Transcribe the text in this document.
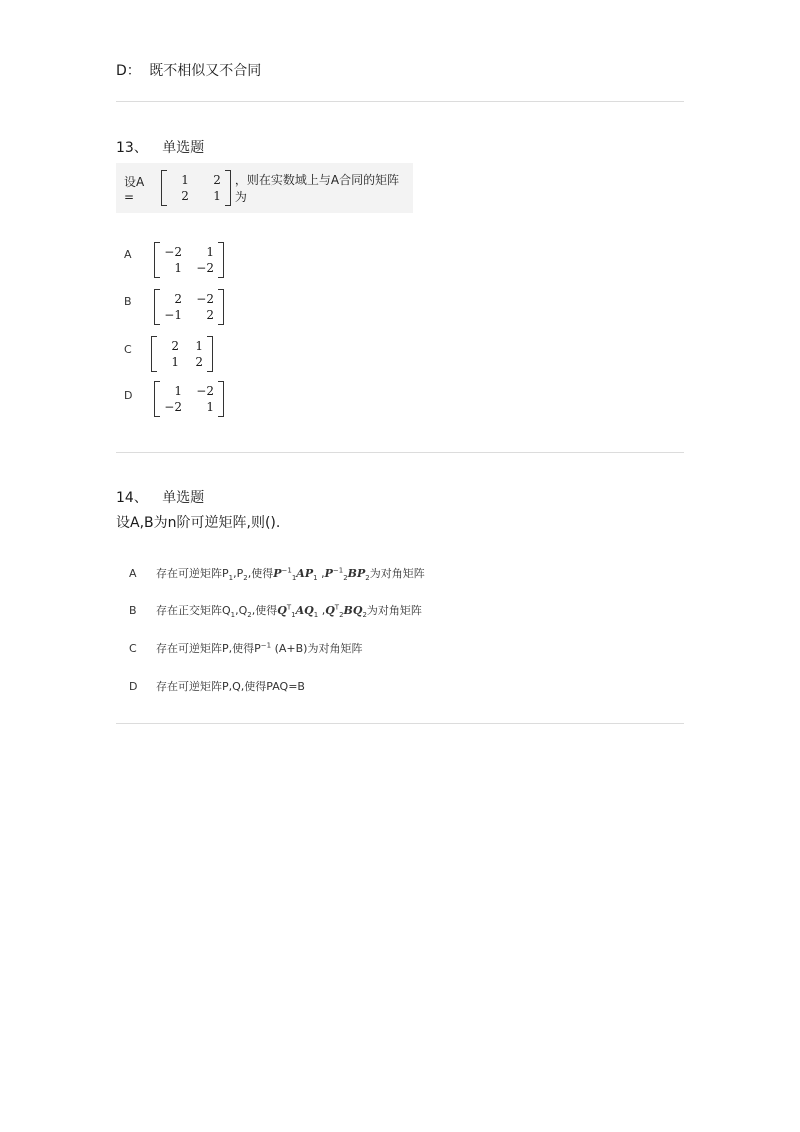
D： 既不相似又不合同
13、 单选题
设A =
1	2
2	1
，则在实数域上与A合同的矩阵为
A	−2	1
1 −2
B	2 −2
−1	2
C	2	1
1	2
D	1 −2
−2	1
14、 单选题
设A,B为n阶可逆矩阵,则().
A 存在可逆矩阵$P_1,P_2$,使得$P^{-1}_1AP_1$ $,P^{-1}_2BP_2$为对角矩阵
B 存在正交矩阵$Q_1,Q_2$,使得$Q^T_1AQ_1$ $,Q^T_2BQ_2$为对角矩阵
C 存在可逆矩阵P,使得$P^{-1}$ (A+B)为对角矩阵
D 存在可逆矩阵P,Q,使得PAQ=B
